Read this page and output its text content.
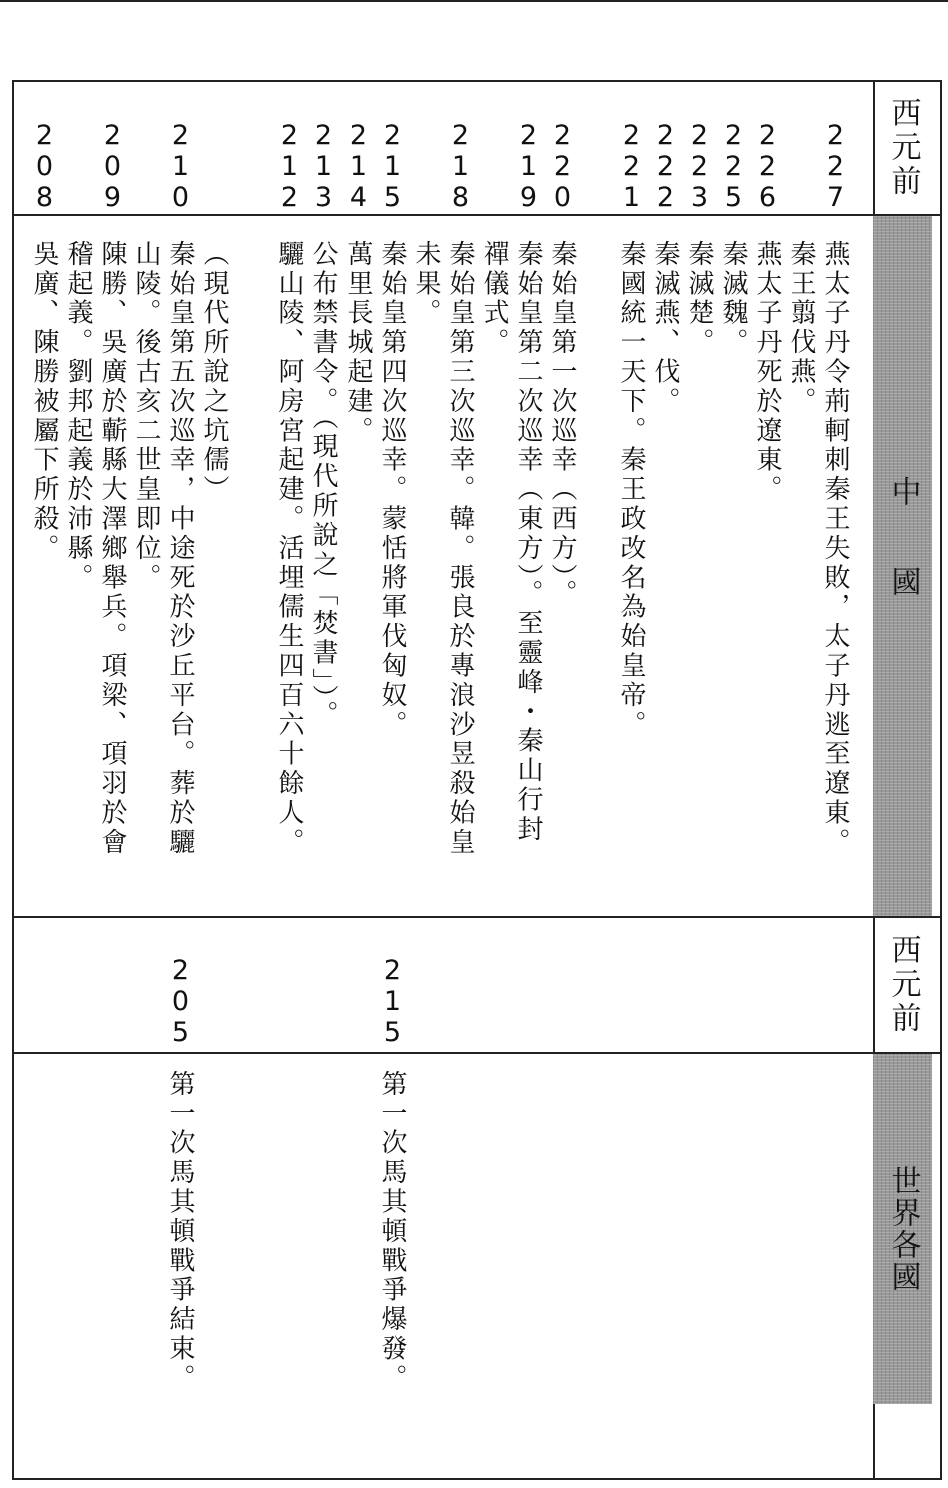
西元前
中國
西元前
世界各國
227
226
225
223
222
221
220
219
218
215
214
213
212
210
209
208
燕太子丹令荊軻刺秦王失敗，太子丹逃至遼東。
秦王翦伐燕。
燕太子丹死於遼東。
秦滅魏。
秦滅楚。
秦滅燕、伐。
秦國統一天下。秦王政改名為始皇帝。
秦始皇第一次巡幸（西方）。
秦始皇第二次巡幸（東方）。至靈峰・秦山行封
禪儀式。
秦始皇第三次巡幸。韓。張良於專浪沙昱殺始皇
未果。
秦始皇第四次巡幸。蒙恬將軍伐匈奴。
萬里長城起建。
公布禁書令。（現代所說之「焚書」）。
驪山陵、阿房宮起建。活埋儒生四百六十餘人。
秦始皇第五次巡幸，中途死於沙丘平台。葬於驪 （現代所說之坑儒）
山陵。後古亥二世皇即位。
陳勝、吳廣於蘄縣大澤鄉舉兵。項梁、項羽於會
稽起義。劉邦起義於沛縣。
吳廣、陳勝被屬下所殺。
215
205
第一次馬其頓戰爭爆發。
第一次馬其頓戰爭結束。
